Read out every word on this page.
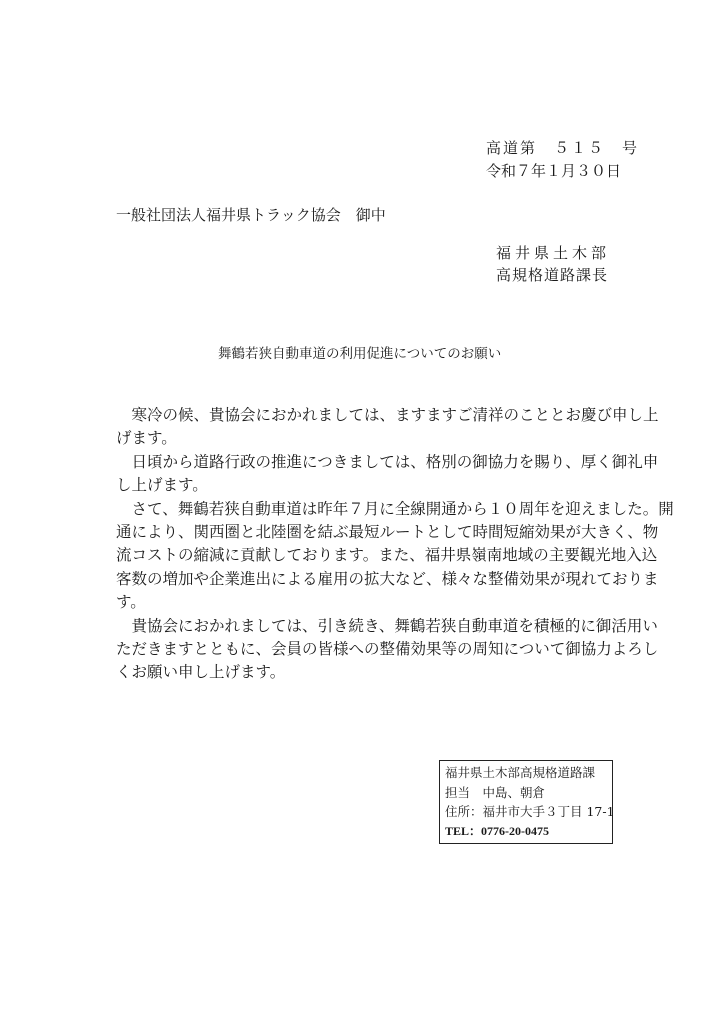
高道第　５１５　号
令和７年１月３０日
一般社団法人福井県トラック協会　御中
福井県土木部
高規格道路課長
舞鶴若狭自動車道の利用促進についてのお願い
　寒冷の候、貴協会におかれましては、ますますご清祥のこととお慶び申し上
げます。
　日頃から道路行政の推進につきましては、格別の御協力を賜り、厚く御礼申
し上げます。
　さて、舞鶴若狭自動車道は昨年７月に全線開通から１０周年を迎えました。開
通により、関西圏と北陸圏を結ぶ最短ルートとして時間短縮効果が大きく、物
流コストの縮減に貢献しております。また、福井県嶺南地域の主要観光地入込
客数の増加や企業進出による雇用の拡大など、様々な整備効果が現れておりま
す。
　貴協会におかれましては、引き続き、舞鶴若狭自動車道を積極的に御活用い
ただきますとともに、会員の皆様への整備効果等の周知について御協力よろし
くお願い申し上げます。
福井県土木部高規格道路課
担当　中島、朝倉
住所：福井市大手３丁目 17-1
TEL：0776-20-0475
